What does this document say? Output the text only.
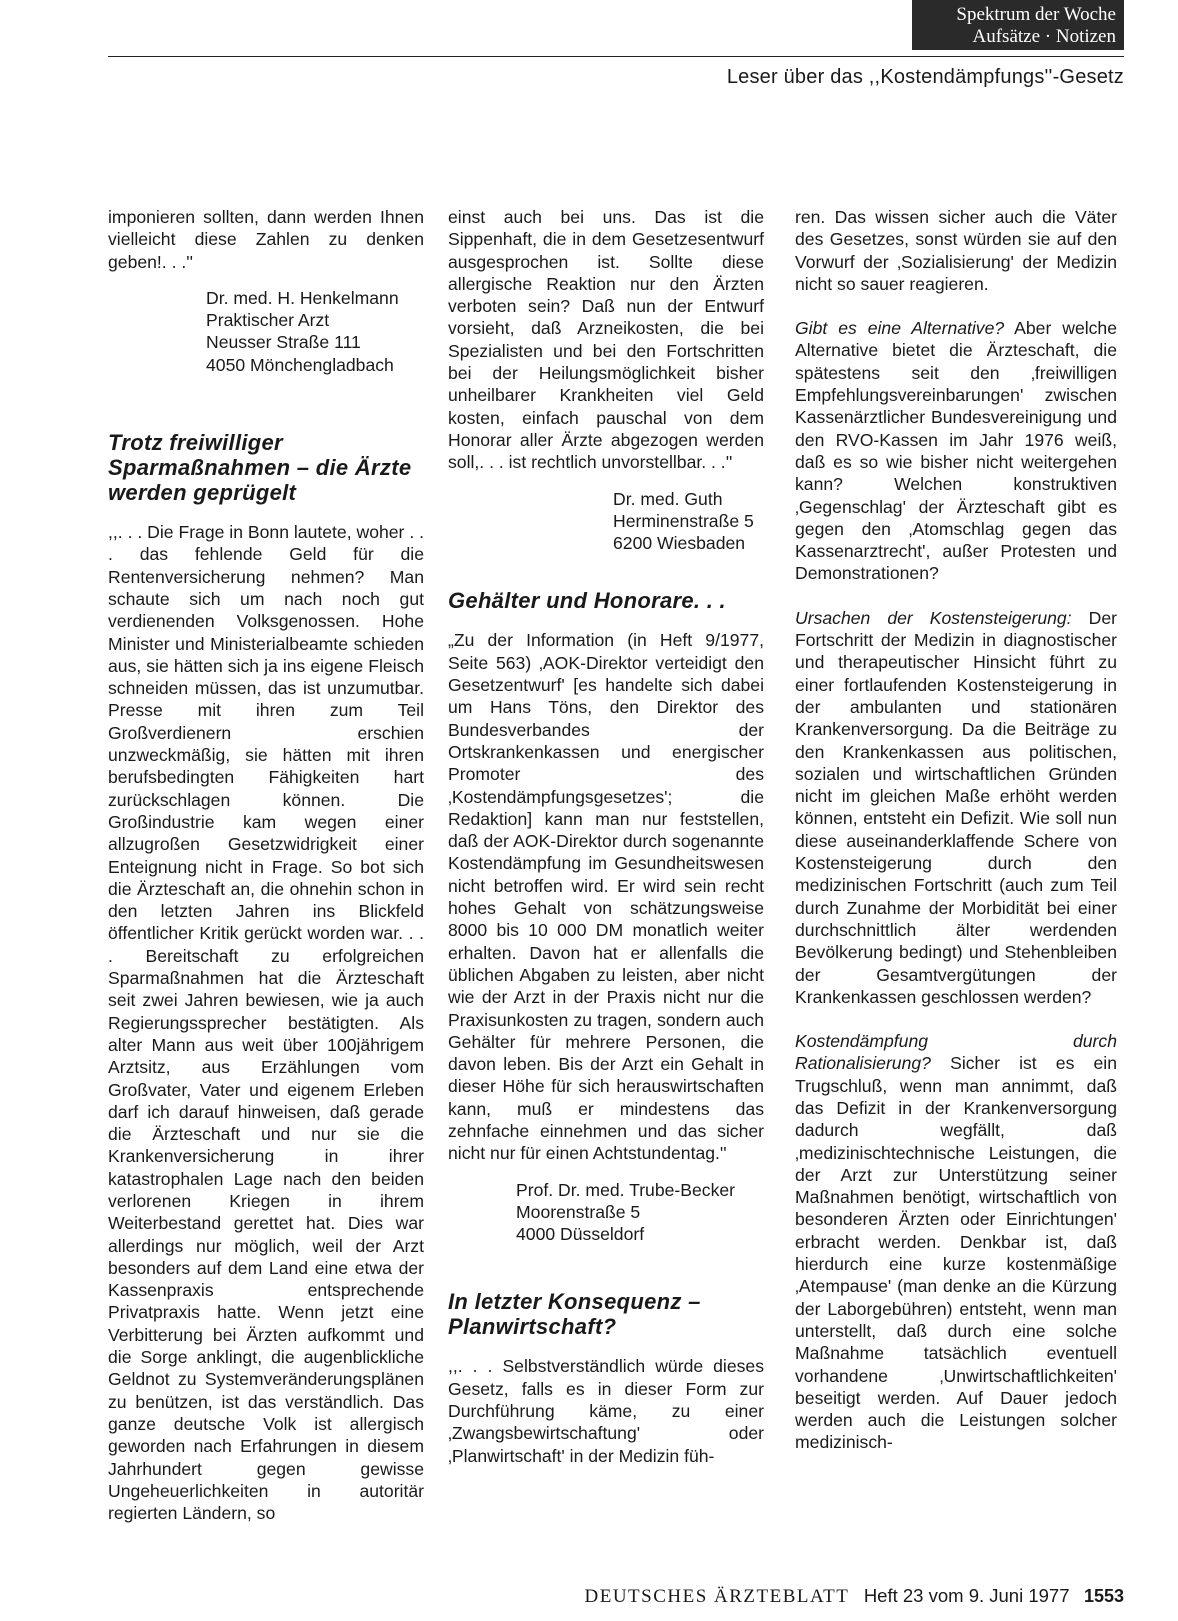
Spektrum der Woche
Aufsätze · Notizen
Leser über das ,,Kostendämpfungs''-Gesetz

imponieren sollten, dann werden Ihnen vielleicht diese Zahlen zu denken geben!. . .''

Dr. med. H. Henkelmann
Praktischer Arzt
Neusser Straße 111
4050 Mönchengladbach
Trotz freiwilliger Sparmaßnahmen – die Ärzte werden geprügelt

,,. . . Die Frage in Bonn lautete, woher . . . das fehlende Geld für die Rentenversicherung nehmen? Man schaute sich um nach noch gut verdienenden Volksgenossen. Hohe Minister und Ministerialbeamte schieden aus, sie hätten sich ja ins eigene Fleisch schneiden müssen, das ist unzumutbar. Presse mit ihren zum Teil Großverdienern erschien unzweckmäßig, sie hätten mit ihren berufsbedingten Fähigkeiten hart zurückschlagen können. Die Großindustrie kam wegen einer allzugroßen Gesetzwidrigkeit einer Enteignung nicht in Frage. So bot sich die Ärzteschaft an, die ohnehin schon in den letzten Jahren ins Blickfeld öffentlicher Kritik gerückt worden war. . . . Bereitschaft zu erfolgreichen Sparmaßnahmen hat die Ärzteschaft seit zwei Jahren bewiesen, wie ja auch Regierungssprecher bestätigten. Als alter Mann aus weit über 100jährigem Arztsitz, aus Erzählungen vom Großvater, Vater und eigenem Erleben darf ich darauf hinweisen, daß gerade die Ärzteschaft und nur sie die Krankenversicherung in ihrer katastrophalen Lage nach den beiden verlorenen Kriegen in ihrem Weiterbestand gerettet hat. Dies war allerdings nur möglich, weil der Arzt besonders auf dem Land eine etwa der Kassenpraxis entsprechende Privatpraxis hatte. Wenn jetzt eine Verbitterung bei Ärzten aufkommt und die Sorge anklingt, die augenblickliche Geldnot zu Systemveränderungsplänen zu benützen, ist das verständlich. Das ganze deutsche Volk ist allergisch geworden nach Erfahrungen in diesem Jahrhundert gegen gewisse Ungeheuerlichkeiten in autoritär regierten Ländern, so

einst auch bei uns. Das ist die Sippenhaft, die in dem Gesetzesentwurf ausgesprochen ist. Sollte diese allergische Reaktion nur den Ärzten verboten sein? Daß nun der Entwurf vorsieht, daß Arzneikosten, die bei Spezialisten und bei den Fortschritten bei der Heilungsmöglichkeit bisher unheilbarer Krankheiten viel Geld kosten, einfach pauschal von dem Honorar aller Ärzte abgezogen werden soll,. . . ist rechtlich unvorstellbar. . .''

Dr. med. Guth
Herminenstraße 5
6200 Wiesbaden
Gehälter und Honorare. . .

„Zu der Information (in Heft 9/1977, Seite 563) ‚AOK-Direktor verteidigt den Gesetzentwurf' [es handelte sich dabei um Hans Töns, den Direktor des Bundesverbandes der Ortskrankenkassen und energischer Promoter des ‚Kostendämpfungsgesetzes'; die Redaktion] kann man nur feststellen, daß der AOK-Direktor durch sogenannte Kostendämpfung im Gesundheitswesen nicht betroffen wird. Er wird sein recht hohes Gehalt von schätzungsweise 8000 bis 10 000 DM monatlich weiter erhalten. Davon hat er allenfalls die üblichen Abgaben zu leisten, aber nicht wie der Arzt in der Praxis nicht nur die Praxisunkosten zu tragen, sondern auch Gehälter für mehrere Personen, die davon leben. Bis der Arzt ein Gehalt in dieser Höhe für sich herauswirtschaften kann, muß er mindestens das zehnfache einnehmen und das sicher nicht nur für einen Achtstundentag.''

Prof. Dr. med. Trube-Becker
Moorenstraße 5
4000 Düsseldorf
In letzter Konsequenz – Planwirtschaft?

,,. . . Selbstverständlich würde dieses Gesetz, falls es in dieser Form zur Durchführung käme, zu einer ‚Zwangsbewirtschaftung' oder ‚Planwirtschaft' in der Medizin füh-

ren. Das wissen sicher auch die Väter des Gesetzes, sonst würden sie auf den Vorwurf der ‚Sozialisierung' der Medizin nicht so sauer reagieren.

Gibt es eine Alternative? Aber welche Alternative bietet die Ärzteschaft, die spätestens seit den ‚freiwilligen Empfehlungsvereinbarungen' zwischen Kassenärztlicher Bundesvereinigung und den RVO-Kassen im Jahr 1976 weiß, daß es so wie bisher nicht weitergehen kann? Welchen konstruktiven ‚Gegenschlag' der Ärzteschaft gibt es gegen den ‚Atomschlag gegen das Kassenarztrecht', außer Protesten und Demonstrationen?

Ursachen der Kostensteigerung: Der Fortschritt der Medizin in diagnostischer und therapeutischer Hinsicht führt zu einer fortlaufenden Kostensteigerung in der ambulanten und stationären Krankenversorgung. Da die Beiträge zu den Krankenkassen aus politischen, sozialen und wirtschaftlichen Gründen nicht im gleichen Maße erhöht werden können, entsteht ein Defizit. Wie soll nun diese auseinanderklaffende Schere von Kostensteigerung durch den medizinischen Fortschritt (auch zum Teil durch Zunahme der Morbidität bei einer durchschnittlich älter werdenden Bevölkerung bedingt) und Stehenbleiben der Gesamtvergütungen der Krankenkassen geschlossen werden?

Kostendämpfung durch Rationalisierung? Sicher ist es ein Trugschluß, wenn man annimmt, daß das Defizit in der Krankenversorgung dadurch wegfällt, daß ‚medizinischtechnische Leistungen, die der Arzt zur Unterstützung seiner Maßnahmen benötigt, wirtschaftlich von besonderen Ärzten oder Einrichtungen' erbracht werden. Denkbar ist, daß hierdurch eine kurze kostenmäßige ‚Atempause' (man denke an die Kürzung der Laborgebühren) entsteht, wenn man unterstellt, daß durch eine solche Maßnahme tatsächlich eventuell vorhandene ‚Unwirtschaftlichkeiten' beseitigt werden. Auf Dauer jedoch werden auch die Leistungen solcher medizinisch-

DEUTSCHES ÄRZTEBLATT Heft 23 vom 9. Juni 1977 1553
